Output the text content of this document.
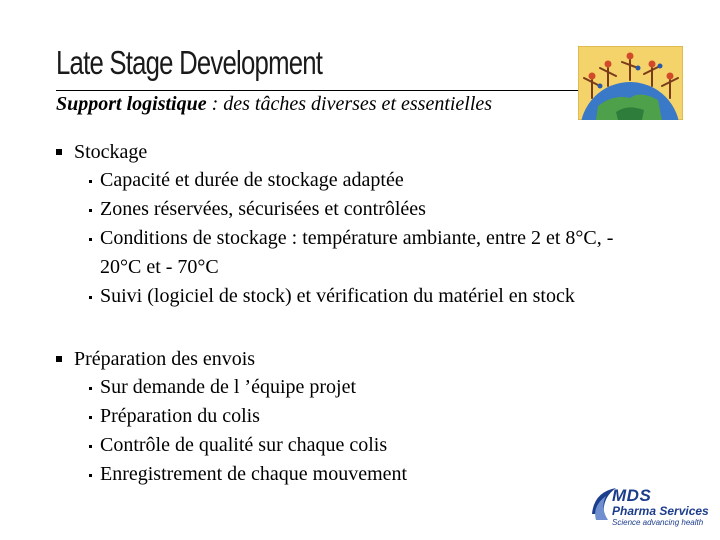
Late Stage Development
Support logistique : des tâches diverses et essentielles
Stockage
Capacité et durée de stockage adaptée
Zones réservées, sécurisées et contrôlées
Conditions de stockage : température ambiante, entre 2 et 8°C, -
20°C et - 70°C
Suivi (logiciel de stock) et vérification du matériel en stock
Préparation des envois
Sur demande de l ’équipe projet
Préparation du colis
Contrôle de qualité sur chaque colis
Enregistrement de chaque mouvement
MDS
Pharma Services
Science advancing health
